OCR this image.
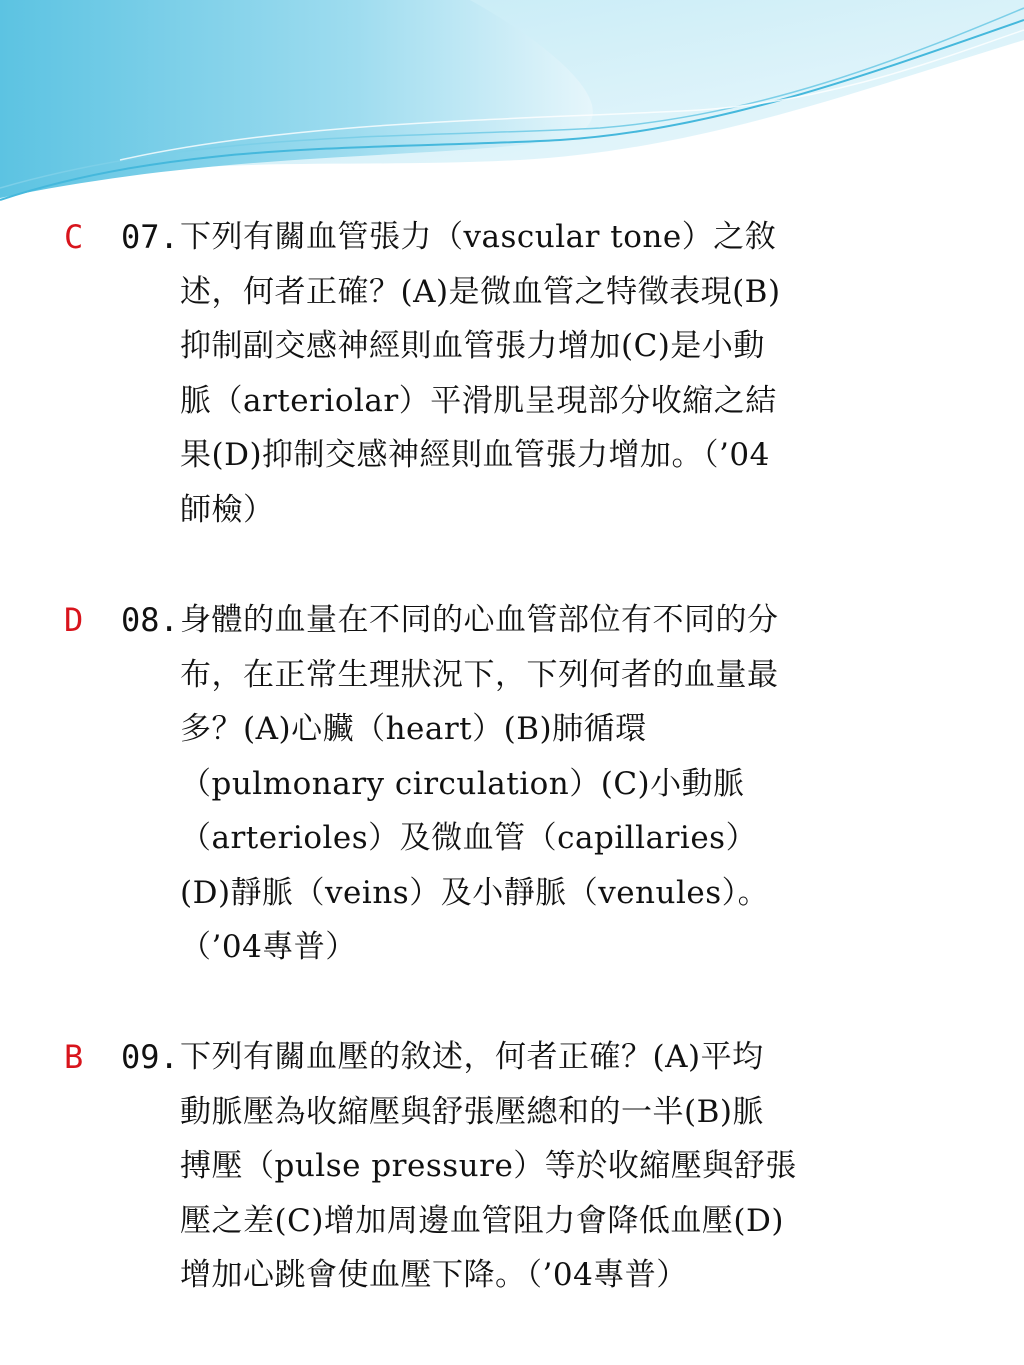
C 07. 下列有關血管張力（vascular tone）之敘
述，何者正確？(A)是微血管之特徵表現(B)
抑制副交感神經則血管張力增加(C)是小動
脈（arteriolar）平滑肌呈現部分收縮之結
果(D)抑制交感神經則血管張力增加。（’04
師檢）
D 08. 身體的血量在不同的心血管部位有不同的分
布，在正常生理狀況下，下列何者的血量最
多？(A)心臟（heart）(B)肺循環
（pulmonary circulation）(C)小動脈
（arterioles）及微血管（capillaries）
(D)靜脈（veins）及小靜脈（venules）。
（’04專普）
B 09. 下列有關血壓的敘述，何者正確？(A)平均
動脈壓為收縮壓與舒張壓總和的一半(B)脈
搏壓（pulse pressure）等於收縮壓與舒張
壓之差(C)增加周邊血管阻力會降低血壓(D)
增加心跳會使血壓下降。（’04專普）
